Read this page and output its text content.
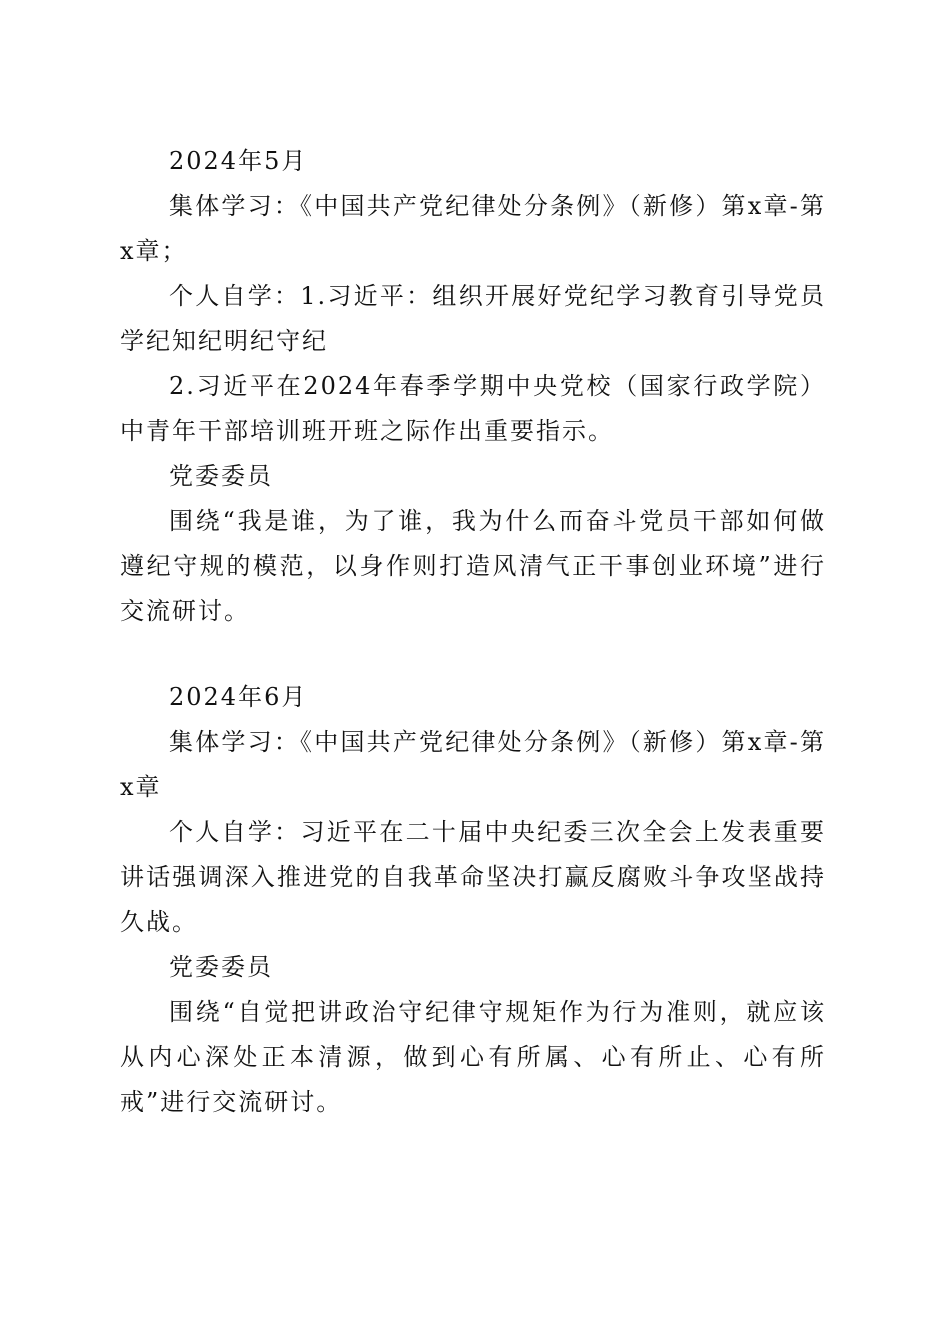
2024年5月

集体学习：《中国共产党纪律处分条例》（新修）第x章-第x章；

个人自学：1.习近平：组织开展好党纪学习教育引导党员学纪知纪明纪守纪

2.习近平在2024年春季学期中央党校（国家行政学院）中青年干部培训班开班之际作出重要指示。

党委委员

围绕“我是谁，为了谁，我为什么而奋斗党员干部如何做遵纪守规的模范，以身作则打造风清气正干事创业环境”进行交流研讨。

2024年6月

集体学习：《中国共产党纪律处分条例》（新修）第x章-第x章

个人自学：习近平在二十届中央纪委三次全会上发表重要讲话强调深入推进党的自我革命坚决打赢反腐败斗争攻坚战持久战。

党委委员

围绕“自觉把讲政治守纪律守规矩作为行为准则，就应该从内心深处正本清源，做到心有所属、心有所止、心有所戒”进行交流研讨。
